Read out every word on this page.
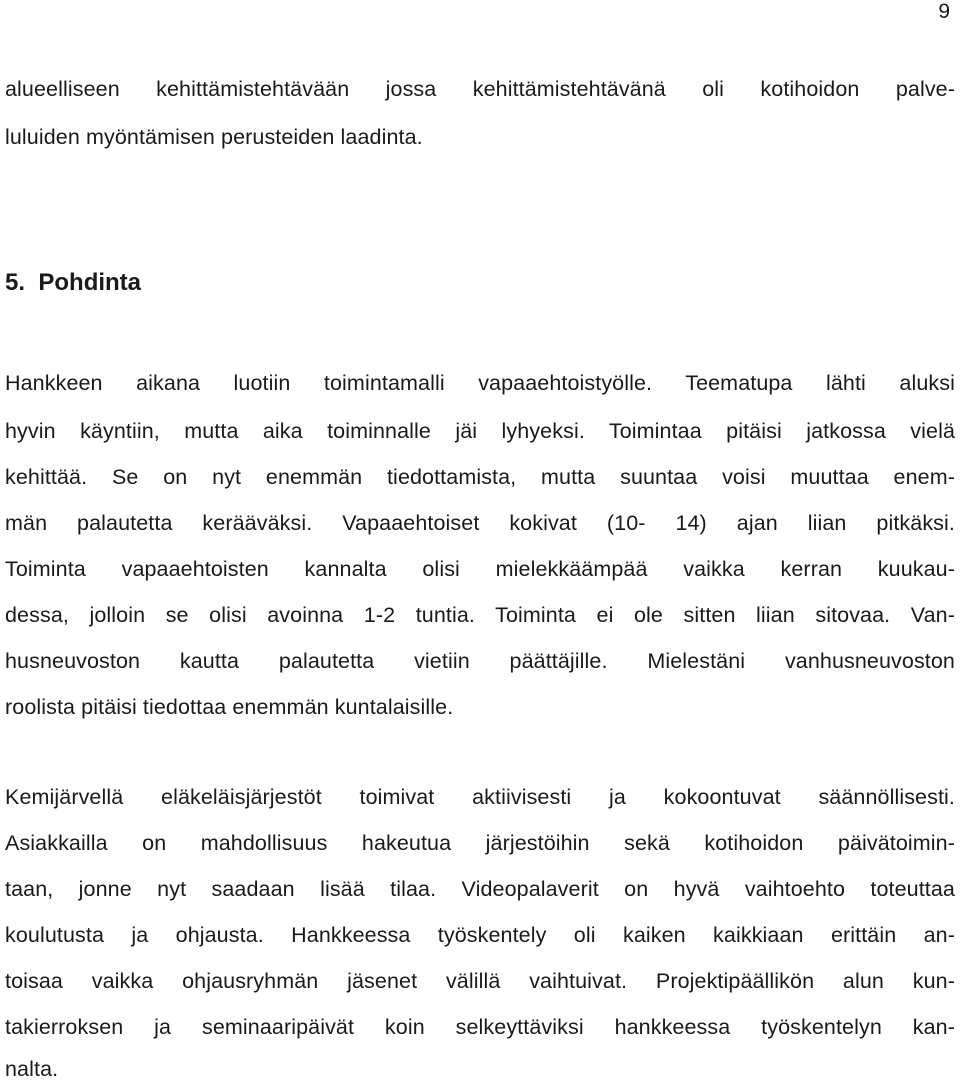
9
alueelliseen kehittämistehtävään jossa kehittämistehtävänä oli kotihoidon palve-
luluiden myöntämisen perusteiden laadinta.
5. Pohdinta
Hankkeen aikana luotiin toimintamalli vapaaehtoistyölle. Teematupa lähti aluksi
hyvin käyntiin, mutta aika toiminnalle jäi lyhyeksi. Toimintaa pitäisi jatkossa vielä
kehittää. Se on nyt enemmän tiedottamista, mutta suuntaa voisi muuttaa enem-
män palautetta kerääväksi. Vapaaehtoiset kokivat (10- 14) ajan liian pitkäksi.
Toiminta vapaaehtoisten kannalta olisi mielekkäämpää vaikka kerran kuukau-
dessa, jolloin se olisi avoinna 1-2 tuntia. Toiminta ei ole sitten liian sitovaa. Van-
husneuvoston kautta palautetta vietiin päättäjille. Mielestäni vanhusneuvoston
roolista pitäisi tiedottaa enemmän kuntalaisille.
Kemijärvellä eläkeläisjärjestöt toimivat aktiivisesti ja kokoontuvat säännöllisesti.
Asiakkailla on mahdollisuus hakeutua järjestöihin sekä kotihoidon päivätoimin-
taan, jonne nyt saadaan lisää tilaa. Videopalaverit on hyvä vaihtoehto toteuttaa
koulutusta ja ohjausta. Hankkeessa työskentely oli kaiken kaikkiaan erittäin an-
toisaa vaikka ohjausryhmän jäsenet välillä vaihtuivat. Projektipäällikön alun kun-
takierroksen ja seminaaripäivät koin selkeyttäviksi hankkeessa työskentelyn kan-
nalta.
